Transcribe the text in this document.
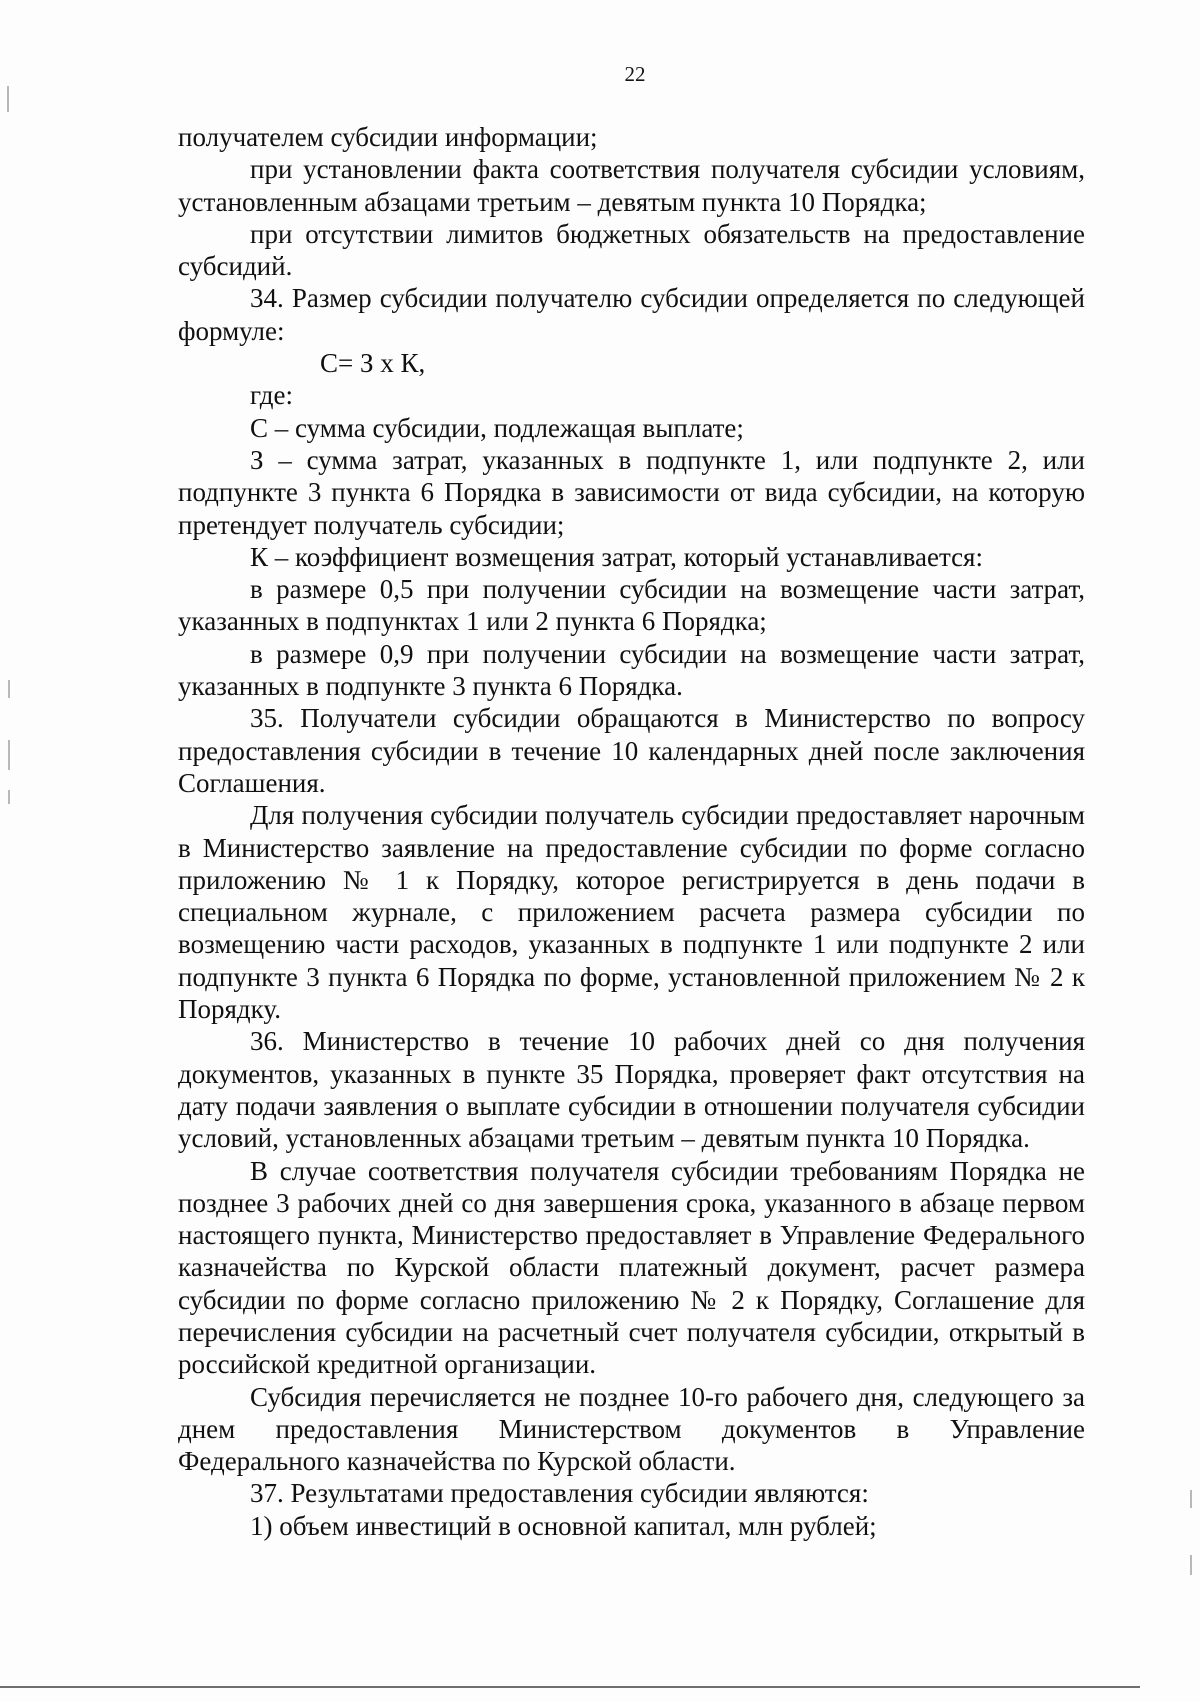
22

получателем субсидии информации;

при установлении факта соответствия получателя субсидии условиям, установленным абзацами третьим – девятым пункта 10 Порядка;

при отсутствии лимитов бюджетных обязательств на предоставление субсидий.

34. Размер субсидии получателю субсидии определяется по следующей формуле:

С= З х К,

где:

С – сумма субсидии, подлежащая выплате;

З – сумма затрат, указанных в подпункте 1, или подпункте 2, или подпункте 3 пункта 6 Порядка в зависимости от вида субсидии, на которую претендует получатель субсидии;

К – коэффициент возмещения затрат, который устанавливается:

в размере 0,5 при получении субсидии на возмещение части затрат, указанных в подпунктах 1 или 2 пункта 6 Порядка;

в размере 0,9 при получении субсидии на возмещение части затрат, указанных в подпункте 3 пункта 6 Порядка.

35. Получатели субсидии обращаются в Министерство по вопросу предоставления субсидии в течение 10 календарных дней после заключения Соглашения.

Для получения субсидии получатель субсидии предоставляет нарочным в Министерство заявление на предоставление субсидии по форме согласно приложению № 1 к Порядку, которое регистрируется в день подачи в специальном журнале, с приложением расчета размера субсидии по возмещению части расходов, указанных в подпункте 1 или подпункте 2 или подпункте 3 пункта 6 Порядка по форме, установленной приложением № 2 к Порядку.

36. Министерство в течение 10 рабочих дней со дня получения документов, указанных в пункте 35 Порядка, проверяет факт отсутствия на дату подачи заявления о выплате субсидии в отношении получателя субсидии условий, установленных абзацами третьим – девятым пункта 10 Порядка.

В случае соответствия получателя субсидии требованиям Порядка не позднее 3 рабочих дней со дня завершения срока, указанного в абзаце первом настоящего пункта, Министерство предоставляет в Управление Федерального казначейства по Курской области платежный документ, расчет размера субсидии по форме согласно приложению № 2 к Порядку, Соглашение для перечисления субсидии на расчетный счет получателя субсидии, открытый в российской кредитной организации.

Субсидия перечисляется не позднее 10-го рабочего дня, следующего за днем предоставления Министерством документов в Управление Федерального казначейства по Курской области.

37. Результатами предоставления субсидии являются:

1) объем инвестиций в основной капитал, млн рублей;
